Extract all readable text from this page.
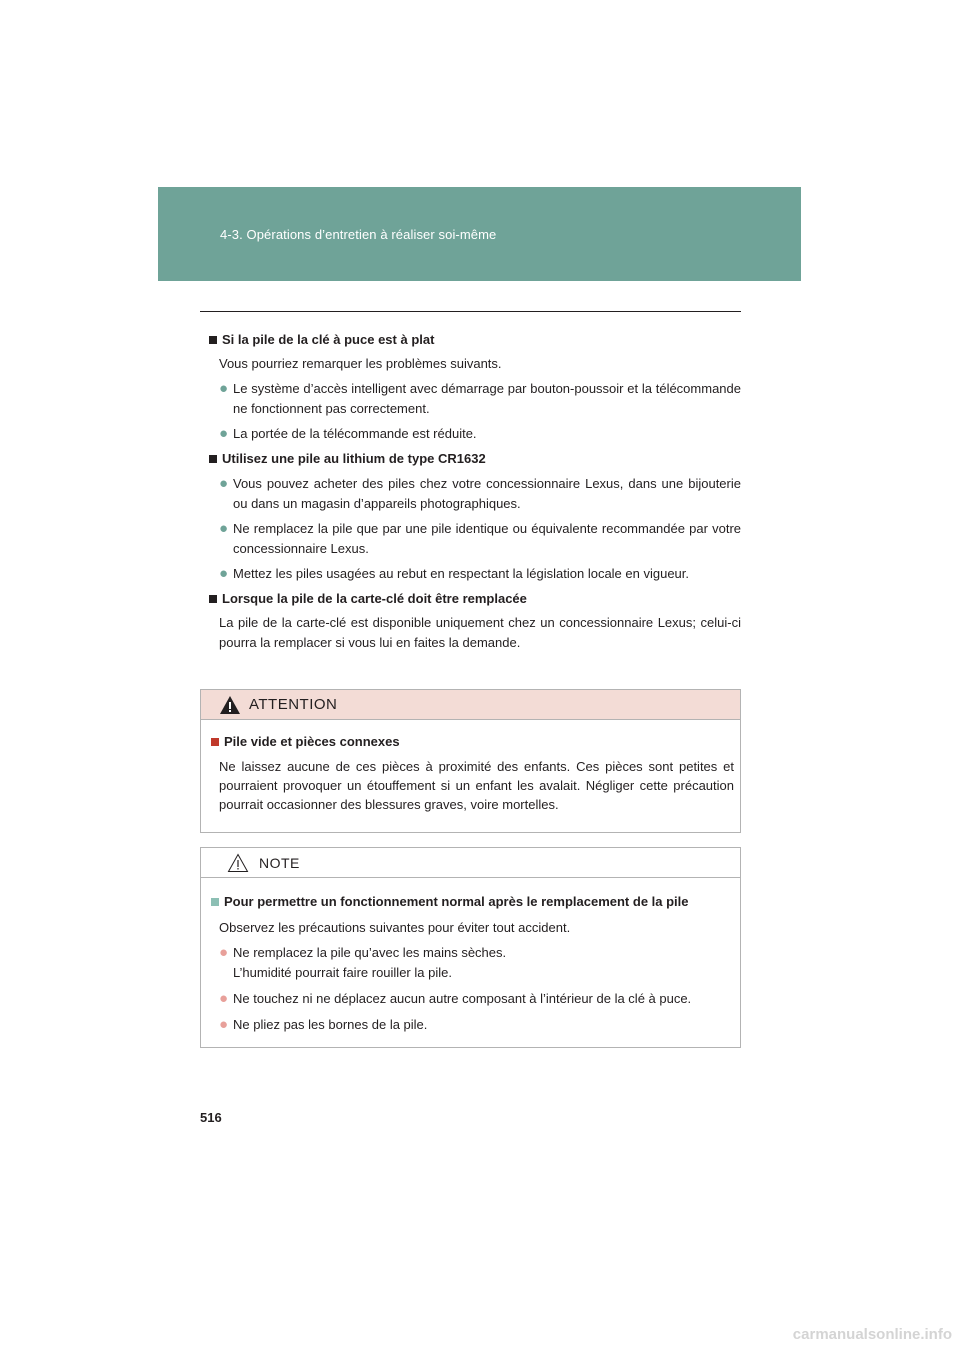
4-3. Opérations d’entretien à réaliser soi-même
Si la pile de la clé à puce est à plat
Vous pourriez remarquer les problèmes suivants.
● Le système d’accès intelligent avec démarrage par bouton-poussoir et la télécommande ne fonctionnent pas correctement.
● La portée de la télécommande est réduite.
Utilisez une pile au lithium de type CR1632
● Vous pouvez acheter des piles chez votre concessionnaire Lexus, dans une bijouterie ou dans un magasin d’appareils photographiques.
● Ne remplacez la pile que par une pile identique ou équivalente recommandée par votre concessionnaire Lexus.
● Mettez les piles usagées au rebut en respectant la législation locale en vigueur.
Lorsque la pile de la carte-clé doit être remplacée
La pile de la carte-clé est disponible uniquement chez un concessionnaire Lexus; celui-ci pourra la remplacer si vous lui en faites la demande.
ATTENTION
Pile vide et pièces connexes
Ne laissez aucune de ces pièces à proximité des enfants. Ces pièces sont petites et pourraient provoquer un étouffement si un enfant les avalait. Négliger cette précaution pourrait occasionner des blessures graves, voire mortelles.
NOTE
Pour permettre un fonctionnement normal après le remplacement de la pile
Observez les précautions suivantes pour éviter tout accident.
● Ne remplacez la pile qu’avec les mains sèches.
L’humidité pourrait faire rouiller la pile.
● Ne touchez ni ne déplacez aucun autre composant à l’intérieur de la clé à puce.
● Ne pliez pas les bornes de la pile.
516
carmanualsonline.info
